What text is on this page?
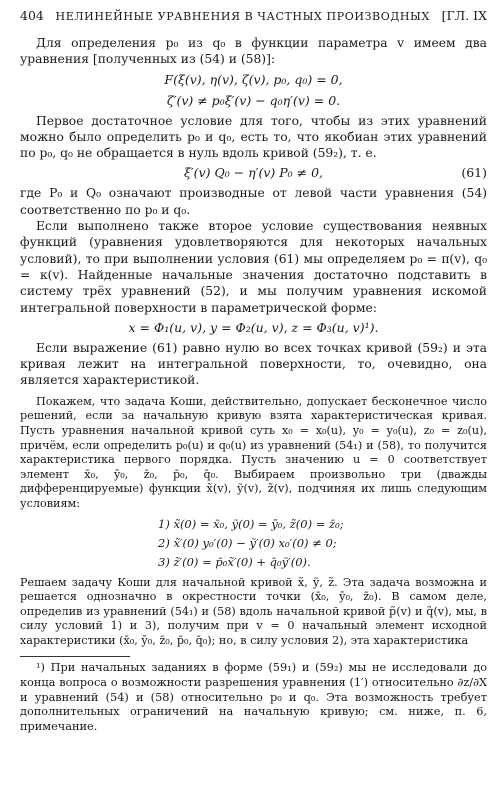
404 НЕЛИНЕЙНЫЕ УРАВНЕНИЯ В ЧАСТНЫХ ПРОИЗВОДНЫХ [ГЛ. IX

Для определения p₀ из q₀ в функции параметра v имеем два уравнения [полученных из (54) и (58)]:

F(ξ(v), η(v), ζ(v), p₀, q₀) = 0,
ζ′(v) ≠ p₀ξ′(v) − q₀η′(v) = 0.

Первое достаточное условие для того, чтобы из этих уравнений можно было определить p₀ и q₀, есть то, что якобиан этих уравнений по p₀, q₀ не обращается в нуль вдоль кривой (59₂), т. е.

ξ′(v) Q₀ − η′(v) P₀ ≠ 0,	(61)

где P₀ и Q₀ означают производные от левой части уравнения (54) соответственно по p₀ и q₀.

Если выполнено также второе условие существования неявных функций (уравнения удовлетворяются для некоторых начальных условий), то при выполнении условия (61) мы определяем p₀ = π(v), q₀ = κ(v). Найденные начальные значения достаточно подставить в систему трёх уравнений (52), и мы получим уравнения искомой интегральной поверхности в параметрической форме:

x = Φ₁(u, v), y = Φ₂(u, v), z = Φ₃(u, v)¹).

Если выражение (61) равно нулю во всех точках кривой (59₂) и эта кривая лежит на интегральной поверхности, то, очевидно, она является характеристикой.

Покажем, что задача Коши, действительно, допускает бесконечное число решений, если за начальную кривую взята характеристическая кривая. Пусть уравнения начальной кривой суть x₀ = x₀(u), y₀ = y₀(u), z₀ = z₀(u), причём, если определить p₀(u) и q₀(u) из уравнений (54₁) и (58), то получится характеристика первого порядка. Пусть значению u = 0 соответствует элемент x̄₀, ȳ₀, z̄₀, p̄₀, q̄₀. Выбираем произвольно три (дважды дифференцируемые) функции x̃(v), ỹ(v), z̃(v), подчиняя их лишь следующим условиям:

1) x̃(0) = x̄₀, ỹ(0) = ȳ₀, z̃(0) = z̄₀;
2) x̃′(0) y₀′(0) − ỹ′(0) x₀′(0) ≠ 0;
3) z̃′(0) = p̄₀x̃′(0) + q̄₀ỹ′(0).

Решаем задачу Коши для начальной кривой x̃, ỹ, z̃. Эта задача возможна и решается однозначно в окрестности точки (x̄₀, ȳ₀, z̄₀). В самом деле, определив из уравнений (54₁) и (58) вдоль начальной кривой p̃(v) и q̃(v), мы, в силу условий 1) и 3), получим при v = 0 начальный элемент исходной характеристики (x̄₀, ȳ₀, z̄₀, p̄₀, q̄₀); но, в силу условия 2), эта характеристика

¹) При начальных заданиях в форме (59₁) и (59₂) мы не исследовали до конца вопроса о возможности разрешения уравнения (1′) относительно ∂z/∂X и уравнений (54) и (58) относительно p₀ и q₀. Эта возможность требует дополнительных ограничений на начальную кривую; см. ниже, п. 6, примечание.
